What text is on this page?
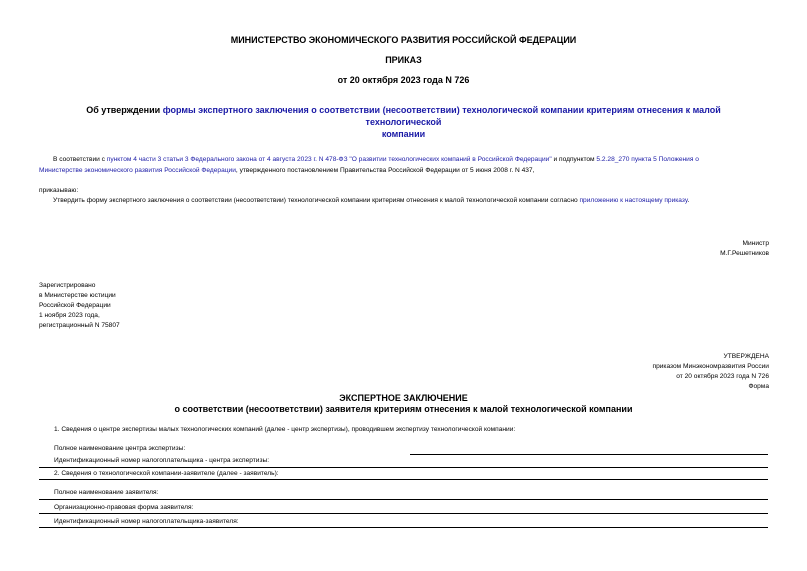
МИНИСТЕРСТВО ЭКОНОМИЧЕСКОГО РАЗВИТИЯ РОССИЙСКОЙ ФЕДЕРАЦИИ
ПРИКАЗ
от 20 октября 2023 года N 726
Об утверждении формы экспертного заключения о соответствии (несоответствии) технологической компании критериям отнесения к малой технологической
компании
В соответствии с пунктом 4 части 3 статьи 3 Федерального закона от 4 августа 2023 г. N 478-ФЗ "О развитии технологических компаний в Российской Федерации" и подпунктом 5.2.28_270 пункта 5 Положения о
Министерстве экономического развития Российской Федерации, утвержденного постановлением Правительства Российской Федерации от 5 июня 2008 г. N 437,
приказываю:
Утвердить форму экспертного заключения о соответствии (несоответствии) технологической компании критериям отнесения к малой технологической компании согласно приложению к настоящему приказу.
Министр
М.Г.Решетников
Зарегистрировано
в Министерстве юстиции
Российской Федерации
1 ноября 2023 года,
регистрационный N 75807
УТВЕРЖДЕНА
приказом Минэкономразвития России
от 20 октября 2023 года N 726
Форма
ЭКСПЕРТНОЕ ЗАКЛЮЧЕНИЕ
о соответствии (несоответствии) заявителя критериям отнесения к малой технологической компании
1. Сведения о центре экспертизы малых технологических компаний (далее - центр экспертизы), проводившем экспертизу технологической компании:
Полное наименование центра экспертизы:
Идентификационный номер налогоплательщика - центра экспертизы:
2. Сведения о технологической компании-заявителе (далее - заявитель):
Полное наименование заявителя:
Организационно-правовая форма заявителя:
Идентификационный номер налогоплательщика-заявителя:
